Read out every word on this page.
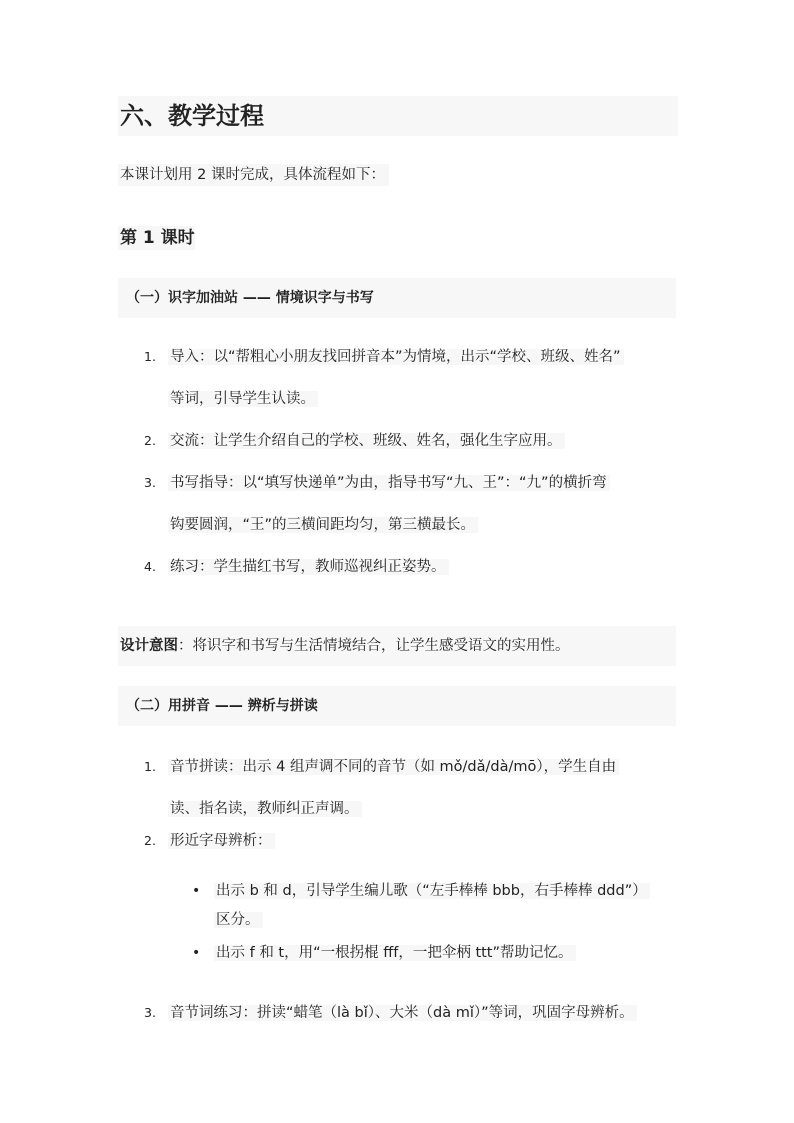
六、教学过程
本课计划用 2 课时完成，具体流程如下：
第 1 课时
（一）识字加油站 —— 情境识字与书写
1. 导入：以“帮粗心小朋友找回拼音本”为情境，出示“学校、班级、姓名”
等词，引导学生认读。
2. 交流：让学生介绍自己的学校、班级、姓名，强化生字应用。
3. 书写指导：以“填写快递单”为由，指导书写“九、王”：“九”的横折弯
钩要圆润，“王”的三横间距均匀，第三横最长。
4. 练习：学生描红书写，教师巡视纠正姿势。
设计意图：将识字和书写与生活情境结合，让学生感受语文的实用性。
（二）用拼音 —— 辨析与拼读
1. 音节拼读：出示 4 组声调不同的音节（如 mǒ/dǎ/dà/mō），学生自由
读、指名读，教师纠正声调。
2. 形近字母辨析：
• 出示 b 和 d，引导学生编儿歌（“左手棒棒 bbb，右手棒棒 ddd”）
区分。
• 出示 f 和 t，用“一根拐棍 fff，一把伞柄 ttt”帮助记忆。
3. 音节词练习：拼读“蜡笔（là bǐ）、大米（dà mǐ）”等词，巩固字母辨析。
